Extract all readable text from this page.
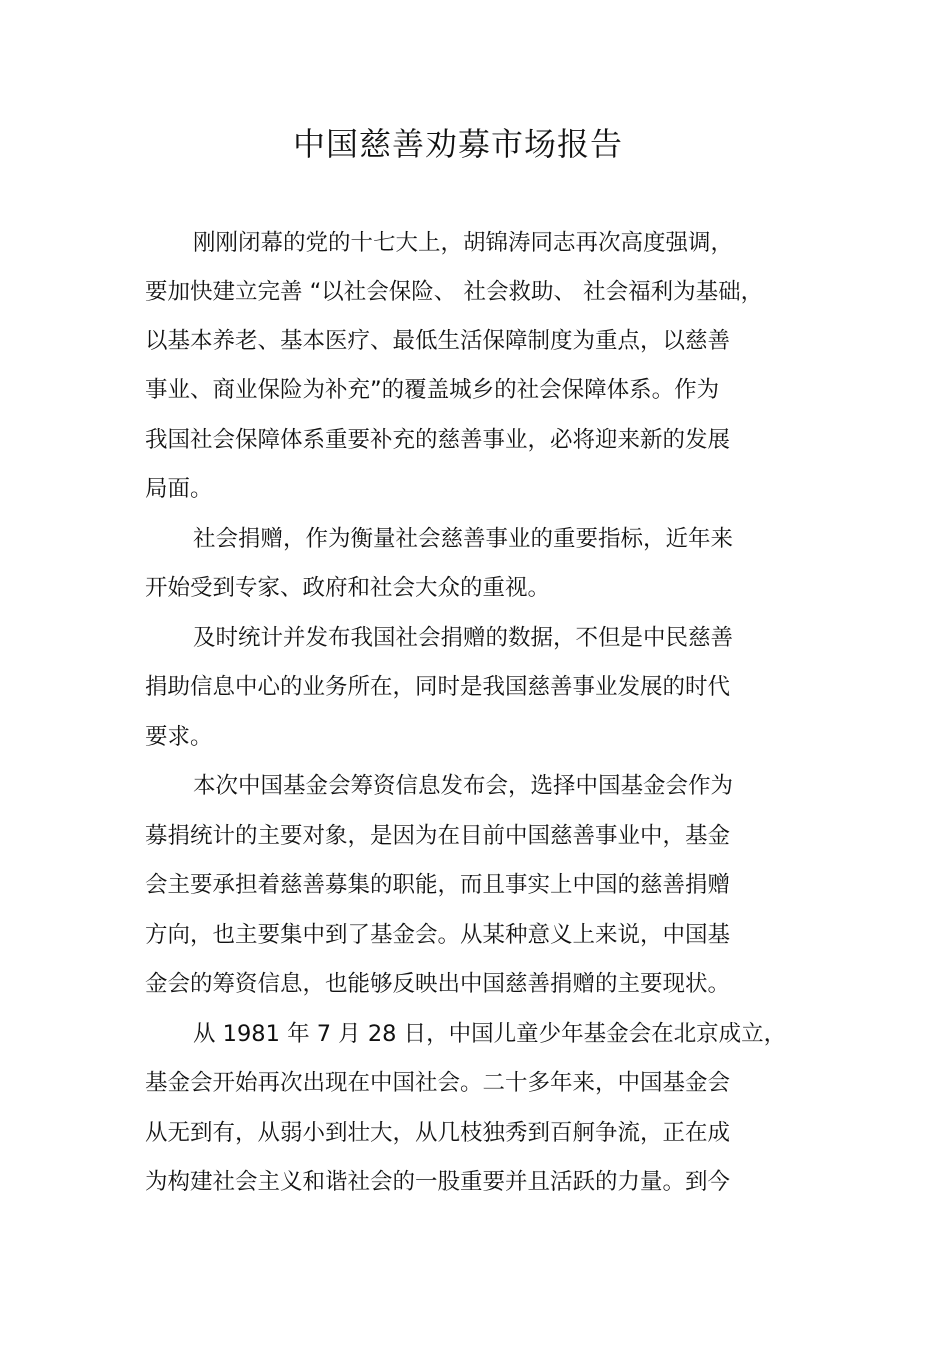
中国慈善劝募市场报告

刚刚闭幕的党的十七大上，胡锦涛同志再次高度强调，

要加快建立完善 “以社会保险、 社会救助、 社会福利为基础，

以基本养老、基本医疗、最低生活保障制度为重点，以慈善

事业、商业保险为补充”的覆盖城乡的社会保障体系。作为

我国社会保障体系重要补充的慈善事业，必将迎来新的发展

局面。

社会捐赠，作为衡量社会慈善事业的重要指标，近年来

开始受到专家、政府和社会大众的重视。

及时统计并发布我国社会捐赠的数据，不但是中民慈善

捐助信息中心的业务所在，同时是我国慈善事业发展的时代

要求。

本次中国基金会筹资信息发布会，选择中国基金会作为

募捐统计的主要对象，是因为在目前中国慈善事业中，基金

会主要承担着慈善募集的职能，而且事实上中国的慈善捐赠

方向，也主要集中到了基金会。从某种意义上来说，中国基

金会的筹资信息，也能够反映出中国慈善捐赠的主要现状。

从 1981 年 7 月 28 日，中国儿童少年基金会在北京成立，

基金会开始再次出现在中国社会。二十多年来，中国基金会

从无到有，从弱小到壮大，从几枝独秀到百舸争流，正在成

为构建社会主义和谐社会的一股重要并且活跃的力量。到今
